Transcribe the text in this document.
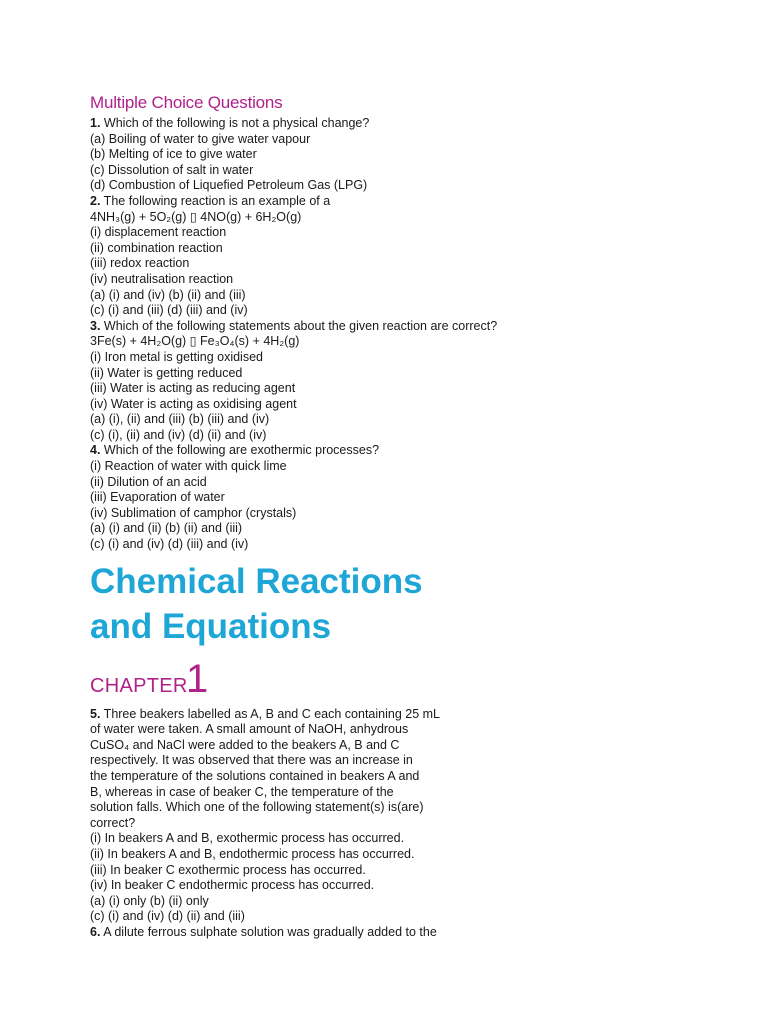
Multiple Choice Questions
1. Which of the following is not a physical change?
(a) Boiling of water to give water vapour
(b) Melting of ice to give water
(c) Dissolution of salt in water
(d) Combustion of Liquefied Petroleum Gas (LPG)
2. The following reaction is an example of a
4NH₃(g) + 5O₂(g) ▯ 4NO(g) + 6H₂O(g)
(i) displacement reaction
(ii) combination reaction
(iii) redox reaction
(iv) neutralisation reaction
(a) (i) and (iv) (b) (ii) and (iii)
(c) (i) and (iii) (d) (iii) and (iv)
3. Which of the following statements about the given reaction are correct?
3Fe(s) + 4H₂O(g) ▯ Fe₃O₄(s) + 4H₂(g)
(i) Iron metal is getting oxidised
(ii) Water is getting reduced
(iii) Water is acting as reducing agent
(iv) Water is acting as oxidising agent
(a) (i), (ii) and (iii) (b) (iii) and (iv)
(c) (i), (ii) and (iv) (d) (ii) and (iv)
4. Which of the following are exothermic processes?
(i) Reaction of water with quick lime
(ii) Dilution of an acid
(iii) Evaporation of water
(iv) Sublimation of camphor (crystals)
(a) (i) and (ii) (b) (ii) and (iii)
(c) (i) and (iv) (d) (iii) and (iv)
Chemical Reactions
and Equations
CHAPTER
1
5. Three beakers labelled as A, B and C each containing 25 mL
of water were taken. A small amount of NaOH, anhydrous
CuSO₄ and NaCl were added to the beakers A, B and C
respectively. It was observed that there was an increase in
the temperature of the solutions contained in beakers A and
B, whereas in case of beaker C, the temperature of the
solution falls. Which one of the following statement(s) is(are)
correct?
(i) In beakers A and B, exothermic process has occurred.
(ii) In beakers A and B, endothermic process has occurred.
(iii) In beaker C exothermic process has occurred.
(iv) In beaker C endothermic process has occurred.
(a) (i) only (b) (ii) only
(c) (i) and (iv) (d) (ii) and (iii)
6. A dilute ferrous sulphate solution was gradually added to the
